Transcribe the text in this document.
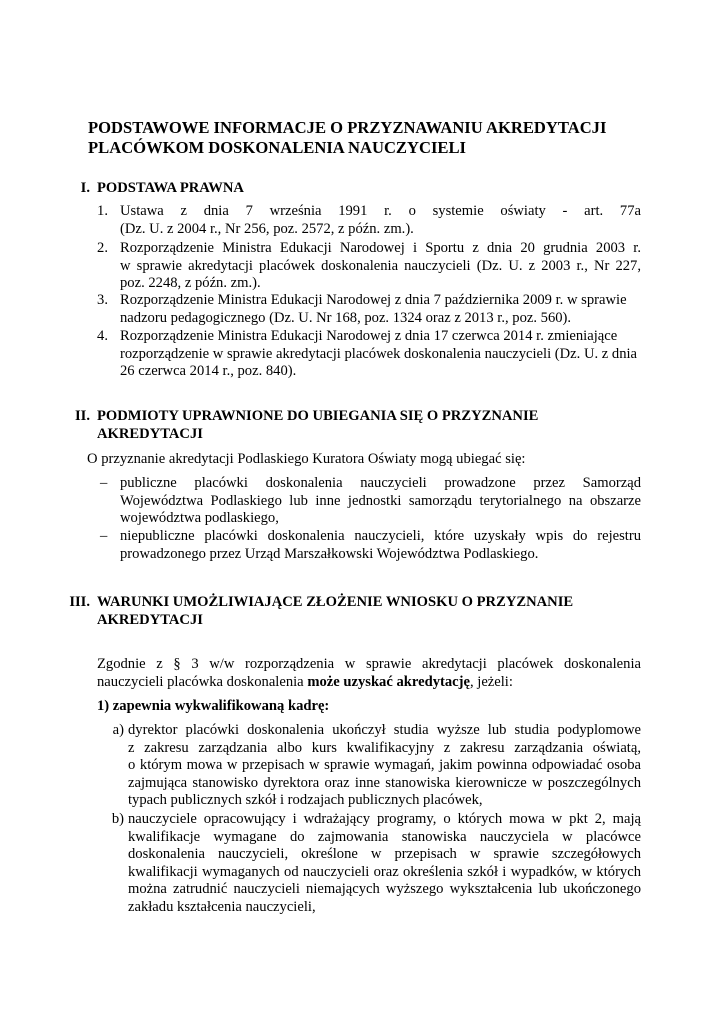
PODSTAWOWE INFORMACJE O PRZYZNAWANIU AKREDYTACJI
PLACÓWKOM DOSKONALENIA NAUCZYCIELI
I. PODSTAWA PRAWNA
1. Ustawa z dnia 7 września 1991 r. o systemie oświaty - art. 77a
(Dz. U. z 2004 r., Nr 256, poz. 2572, z późn. zm.).
2. Rozporządzenie Ministra Edukacji Narodowej i Sportu z dnia 20 grudnia 2003 r.
w sprawie akredytacji placówek doskonalenia nauczycieli (Dz. U. z 2003 r., Nr 227,
poz. 2248, z późn. zm.).
3. Rozporządzenie Ministra Edukacji Narodowej z dnia 7 października 2009 r. w sprawie
nadzoru pedagogicznego (Dz. U. Nr 168, poz. 1324 oraz z 2013 r., poz. 560).
4. Rozporządzenie Ministra Edukacji Narodowej z dnia 17 czerwca 2014 r. zmieniające
rozporządzenie w sprawie akredytacji placówek doskonalenia nauczycieli (Dz. U. z dnia
26 czerwca 2014 r., poz. 840).
II. PODMIOTY UPRAWNIONE DO UBIEGANIA SIĘ O PRZYZNANIE
AKREDYTACJI
O przyznanie akredytacji Podlaskiego Kuratora Oświaty mogą ubiegać się:
– publiczne placówki doskonalenia nauczycieli prowadzone przez Samorząd
Województwa Podlaskiego lub inne jednostki samorządu terytorialnego na obszarze
województwa podlaskiego,
– niepubliczne placówki doskonalenia nauczycieli, które uzyskały wpis do rejestru
prowadzonego przez Urząd Marszałkowski Województwa Podlaskiego.
III. WARUNKI UMOŻLIWIAJĄCE ZŁOŻENIE WNIOSKU O PRZYZNANIE
AKREDYTACJI
Zgodnie z § 3 w/w rozporządzenia w sprawie akredytacji placówek doskonalenia
nauczycieli placówka doskonalenia może uzyskać akredytację, jeżeli:
1) zapewnia wykwalifikowaną kadrę:
a) dyrektor placówki doskonalenia ukończył studia wyższe lub studia podyplomowe
z zakresu zarządzania albo kurs kwalifikacyjny z zakresu zarządzania oświatą,
o którym mowa w przepisach w sprawie wymagań, jakim powinna odpowiadać osoba
zajmująca stanowisko dyrektora oraz inne stanowiska kierownicze w poszczególnych
typach publicznych szkół i rodzajach publicznych placówek,
b) nauczyciele opracowujący i wdrażający programy, o których mowa w pkt 2, mają
kwalifikacje wymagane do zajmowania stanowiska nauczyciela w placówce
doskonalenia nauczycieli, określone w przepisach w sprawie szczegółowych
kwalifikacji wymaganych od nauczycieli oraz określenia szkół i wypadków, w których
można zatrudnić nauczycieli niemających wyższego wykształcenia lub ukończonego
zakładu kształcenia nauczycieli,
